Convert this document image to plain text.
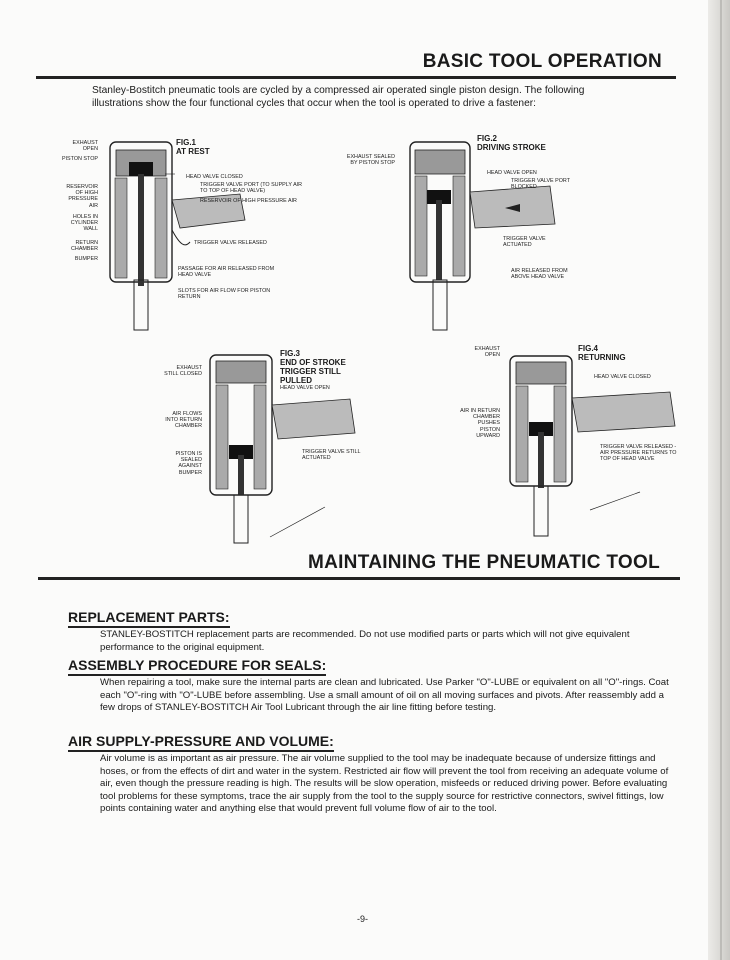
BASIC TOOL OPERATION
Stanley-Bostitch pneumatic tools are cycled by a compressed air operated single piston design. The following illustrations show the four functional cycles that occur when the tool is operated to drive a fastener:
FIG.1
AT REST
EXHAUST OPEN
PISTON STOP
RESERVOIR OF HIGH PRESSURE AIR
HOLES IN CYLINDER WALL
RETURN CHAMBER
BUMPER
HEAD VALVE CLOSED
TRIGGER VALVE PORT (TO SUPPLY AIR TO TOP OF HEAD VALVE)
RESERVOIR OF HIGH PRESSURE AIR
TRIGGER VALVE RELEASED
PASSAGE FOR AIR RELEASED FROM HEAD VALVE
SLOTS FOR AIR FLOW FOR PISTON RETURN
FIG.2
DRIVING STROKE
EXHAUST SEALED BY PISTON STOP
HEAD VALVE OPEN
TRIGGER VALVE PORT BLOCKED
TRIGGER VALVE ACTUATED
AIR RELEASED FROM ABOVE HEAD VALVE
FIG.3
END OF STROKE
TRIGGER STILL
PULLED
EXHAUST STILL CLOSED
AIR FLOWS INTO RETURN CHAMBER
PISTON IS SEALED AGAINST BUMPER
HEAD VALVE OPEN
TRIGGER VALVE STILL ACTUATED
FIG.4
RETURNING
EXHAUST OPEN
AIR IN RETURN CHAMBER PUSHES PISTON UPWARD
HEAD VALVE CLOSED
TRIGGER VALVE RELEASED - AIR PRESSURE RETURNS TO TOP OF HEAD VALVE
MAINTAINING THE PNEUMATIC TOOL
REPLACEMENT PARTS:
STANLEY-BOSTITCH replacement parts are recommended. Do not use modified parts or parts which will not give equivalent performance to the original equipment.
ASSEMBLY PROCEDURE FOR SEALS:
When repairing a tool, make sure the internal parts are clean and lubricated. Use Parker "O"-LUBE or equivalent on all "O"-rings. Coat each "O"-ring with "O"-LUBE before assembling. Use a small amount of oil on all moving surfaces and pivots. After reassembly add a few drops of STANLEY-BOSTITCH Air Tool Lubricant through the air line fitting before testing.
AIR SUPPLY-PRESSURE AND VOLUME:
Air volume is as important as air pressure. The air volume supplied to the tool may be inadequate because of undersize fittings and hoses, or from the effects of dirt and water in the system. Restricted air flow will prevent the tool from receiving an adequate volume of air, even though the pressure reading is high. The results will be slow operation, misfeeds or reduced driving power. Before evaluating tool problems for these symptoms, trace the air supply from the tool to the supply source for restrictive connectors, swivel fittings, low points containing water and anything else that would prevent full volume flow of air to the tool.
-9-
